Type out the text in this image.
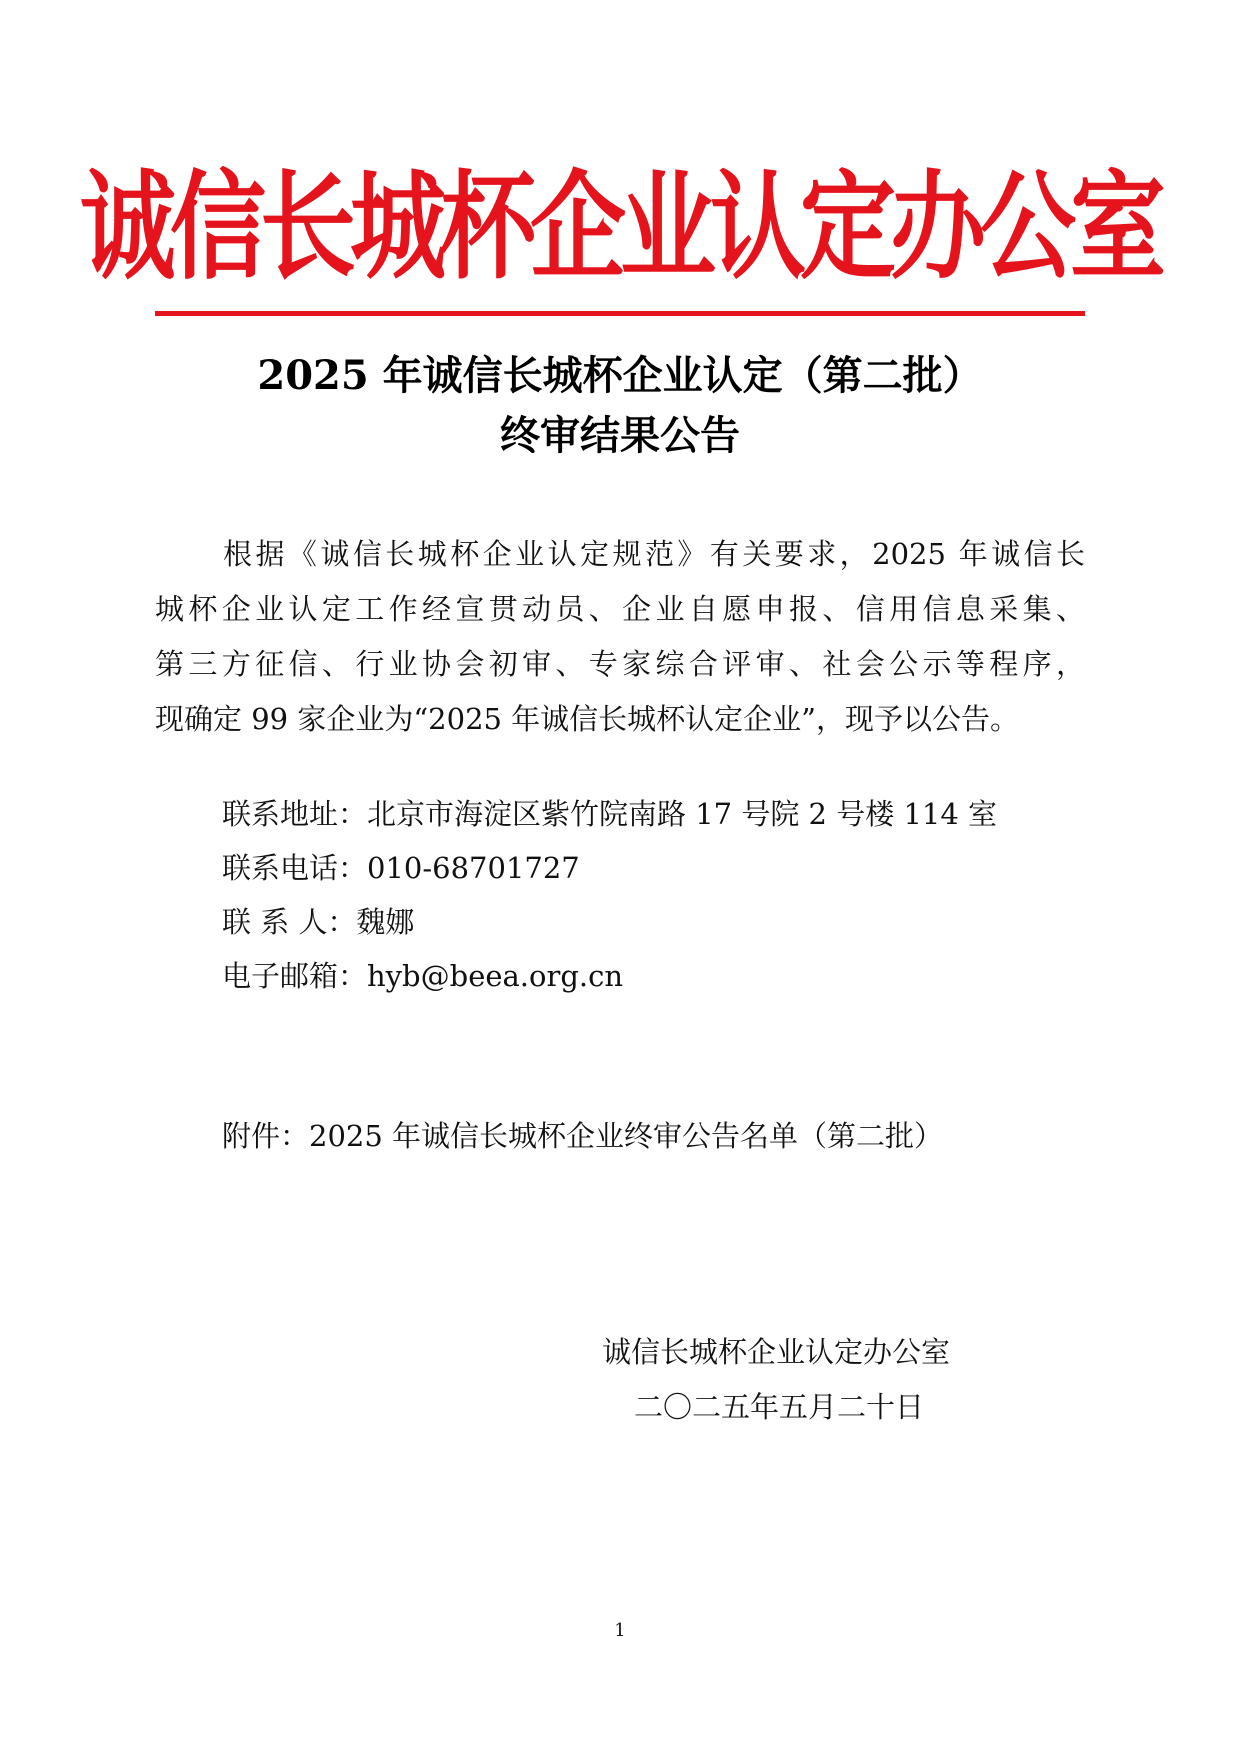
诚信长城杯企业认定办公室
2025 年诚信长城杯企业认定（第二批）
终审结果公告
根据《诚信长城杯企业认定规范》有关要求，2025 年诚信长
城杯企业认定工作经宣贯动员、企业自愿申报、信用信息采集、
第三方征信、行业协会初审、专家综合评审、社会公示等程序，
现确定 99 家企业为“2025 年诚信长城杯认定企业”，现予以公告。
联系地址：北京市海淀区紫竹院南路 17 号院 2 号楼 114 室
联系电话：010-68701727
联 系 人：魏娜
电子邮箱：hyb@beea.org.cn
附件：2025 年诚信长城杯企业终审公告名单（第二批）
诚信长城杯企业认定办公室
二〇二五年五月二十日
1
